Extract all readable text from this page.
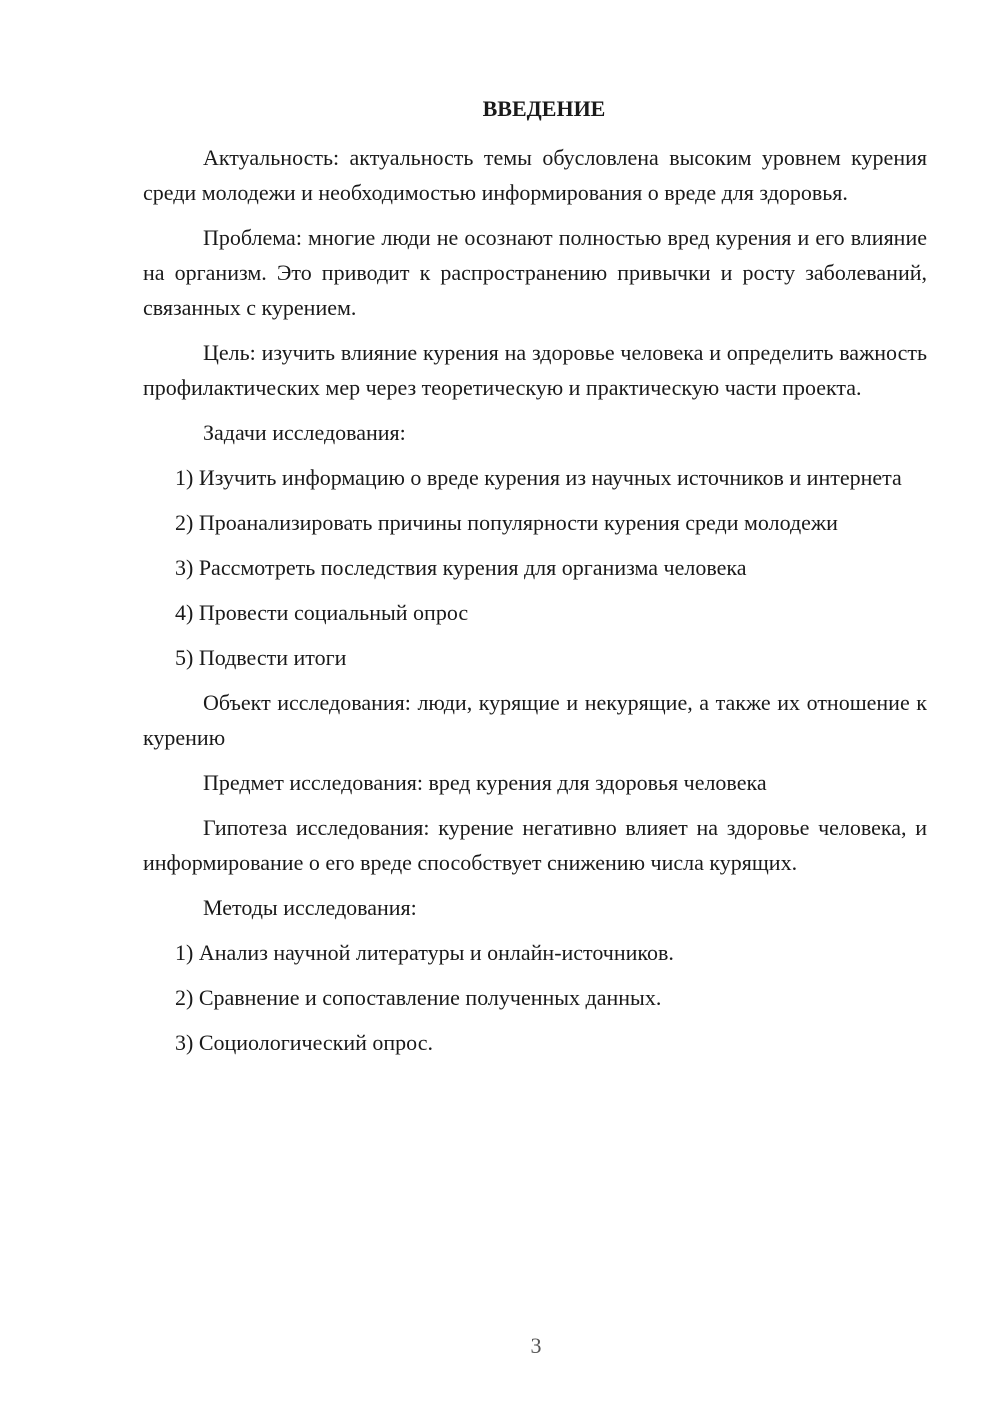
ВВЕДЕНИЕ

Актуальность: актуальность темы обусловлена высоким уровнем курения среди молодежи и необходимостью информирования о вреде для здоровья.

Проблема: многие люди не осознают полностью вред курения и его влияние на организм. Это приводит к распространению привычки и росту заболеваний, связанных с курением.

Цель: изучить влияние курения на здоровье человека и определить важность профилактических мер через теоретическую и практическую части проекта.

Задачи исследования:

1) Изучить информацию о вреде курения из научных источников и интернета

2) Проанализировать причины популярности курения среди молодежи

3) Рассмотреть последствия курения для организма человека

4) Провести социальный опрос

5) Подвести итоги

Объект исследования: люди, курящие и некурящие, а также их отношение к курению

Предмет исследования: вред курения для здоровья человека

Гипотеза исследования: курение негативно влияет на здоровье человека, и информирование о его вреде способствует снижению числа курящих.

Методы исследования:

1) Анализ научной литературы и онлайн-источников.

2) Сравнение и сопоставление полученных данных.

3) Социологический опрос.

3
